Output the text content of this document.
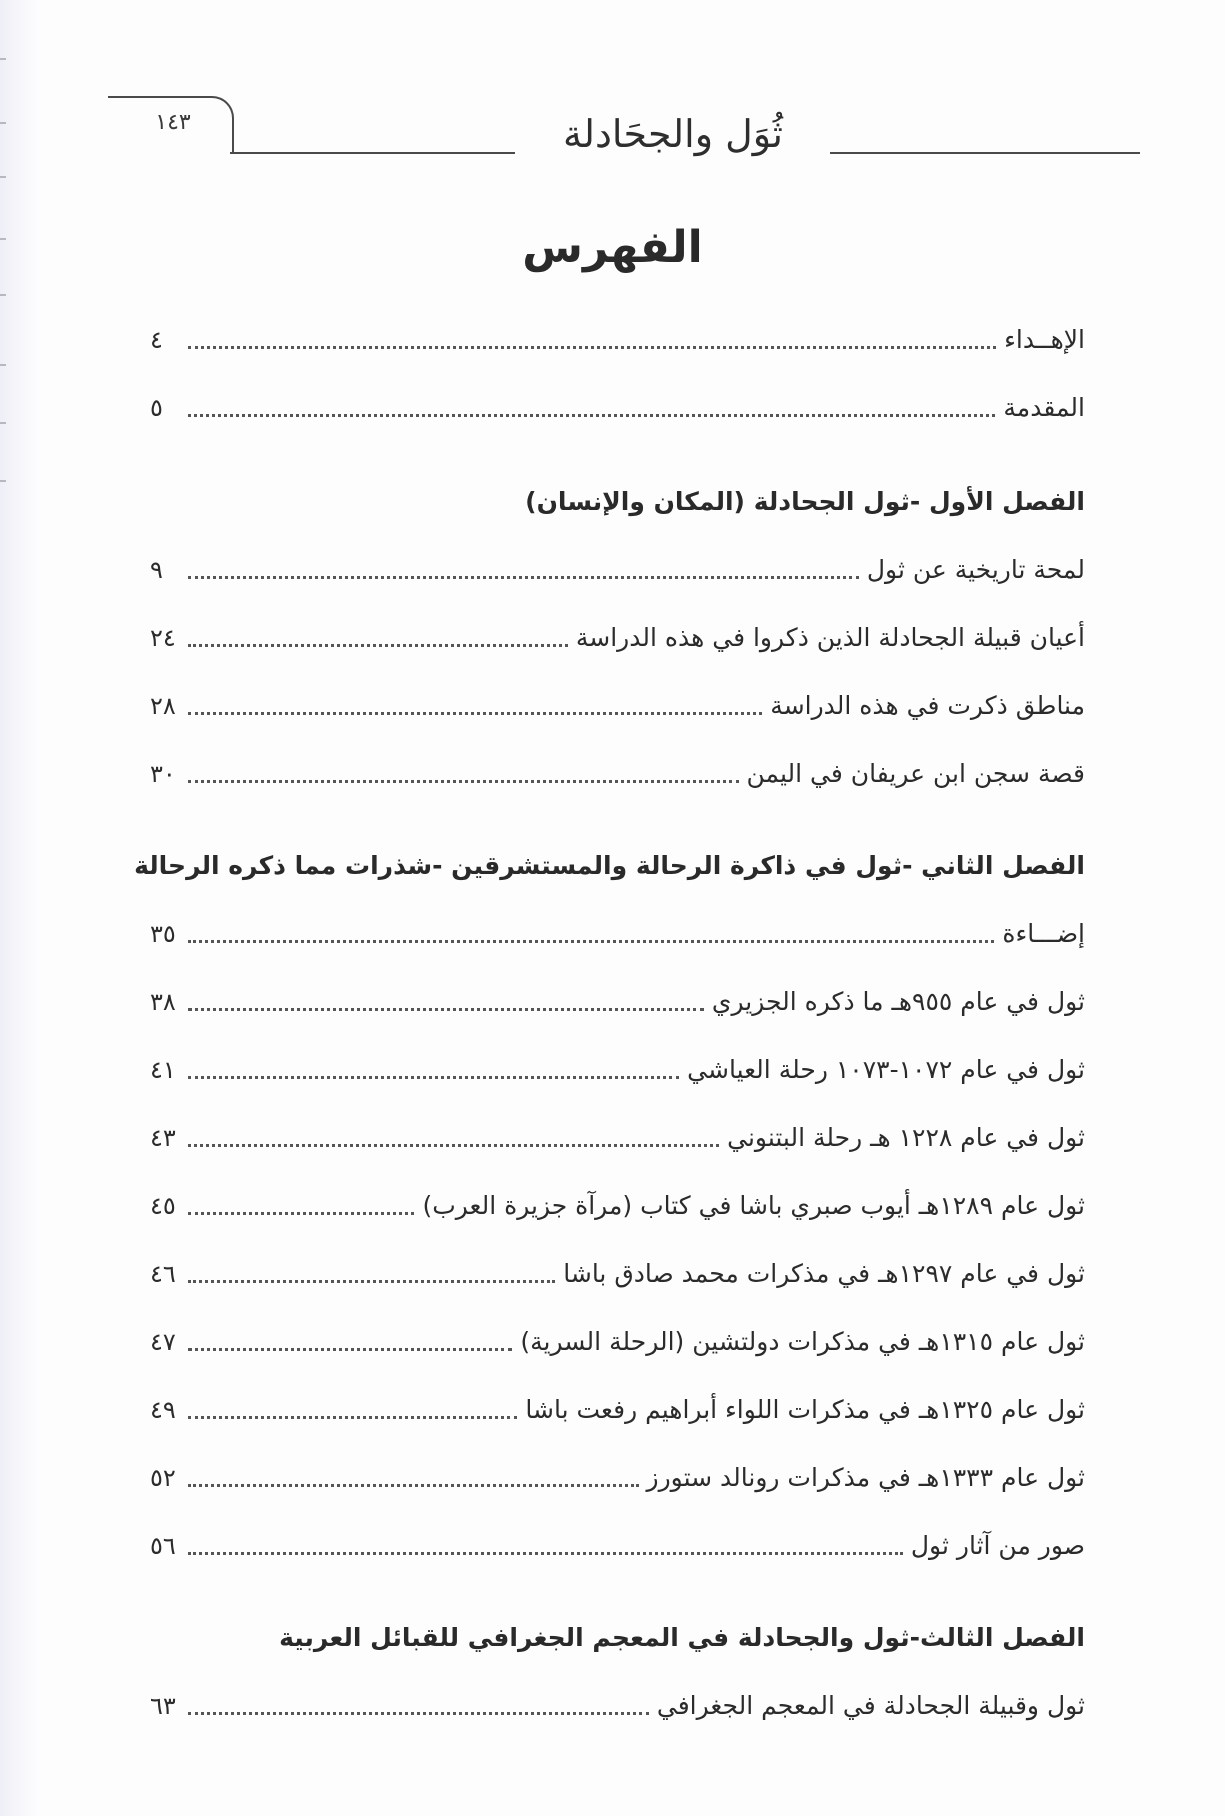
١٤٣	ثُوَل والجحَادلة
الفهرس
الإهــداء
٤
المقدمة
٥
الفصل الأول -ثول الجحادلة (المكان والإنسان)
لمحة تاريخية عن ثول
٩
أعيان قبيلة الجحادلة الذين ذكروا في هذه الدراسة
٢٤
مناطق ذكرت في هذه الدراسة
٢٨
قصة سجن ابن عريفان في اليمن
٣٠
الفصل الثاني -ثول في ذاكرة الرحالة والمستشرقين -شذرات مما ذكره الرحالة
إضـــاءة
٣٥
ثول في عام ٩٥٥هـ ما ذكره الجزيري
٣٨
ثول في عام ١٠٧٢-١٠٧٣ رحلة العياشي
٤١
ثول في عام ١٢٢٨ هـ رحلة البتنوني
٤٣
ثول عام ١٢٨٩هـ أيوب صبري باشا في كتاب (مرآة جزيرة العرب)
٤٥
ثول في عام ١٢٩٧هـ في مذكرات محمد صادق باشا
٤٦
ثول عام ١٣١٥هـ في مذكرات دولتشين (الرحلة السرية)
٤٧
ثول عام ١٣٢٥هـ في مذكرات اللواء أبراهيم رفعت باشا
٤٩
ثول عام ١٣٣٣هـ في مذكرات رونالد ستورز
٥٢
صور من آثار ثول
٥٦
الفصل الثالث-ثول والجحادلة في المعجم الجغرافي للقبائل العربية
ثول وقبيلة الجحادلة في المعجم الجغرافي
٦٣
